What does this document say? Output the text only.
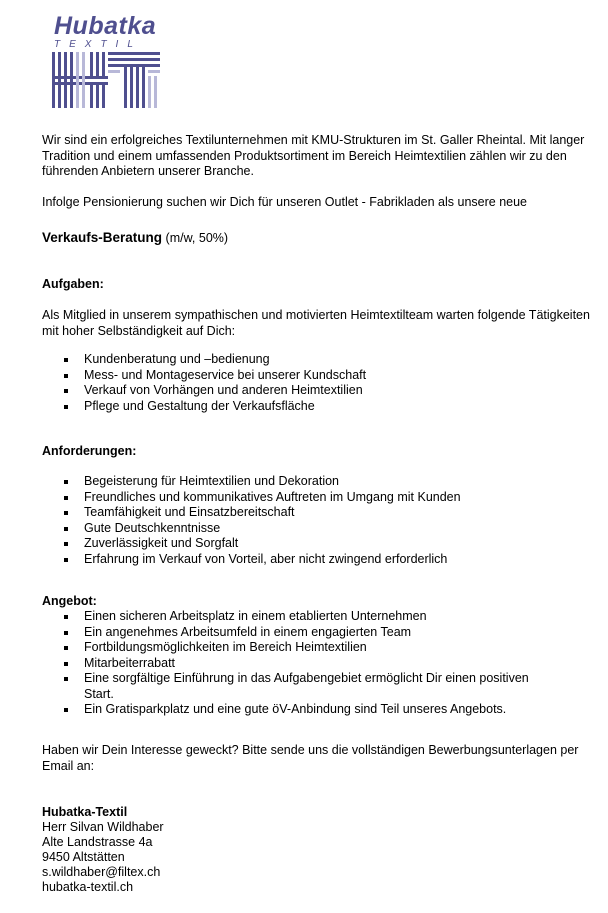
Hubatka
TEXTIL

Wir sind ein erfolgreiches Textilunternehmen mit KMU-Strukturen im St. Galler Rheintal. Mit langer Tradition und einem umfassenden Produktsortiment im Bereich Heimtextilien zählen wir zu den führenden Anbietern unserer Branche.

Infolge Pensionierung suchen wir Dich für unseren Outlet - Fabrikladen als unsere neue

Verkaufs-Beratung (m/w, 50%)

Aufgaben:

Als Mitglied in unserem sympathischen und motivierten Heimtextilteam warten folgende Tätigkeiten mit hoher Selbständigkeit auf Dich:

Kundenberatung und –bedienung
Mess- und Montageservice bei unserer Kundschaft
Verkauf von Vorhängen und anderen Heimtextilien
Pflege und Gestaltung der Verkaufsfläche

Anforderungen:

Begeisterung für Heimtextilien und Dekoration
Freundliches und kommunikatives Auftreten im Umgang mit Kunden
Teamfähigkeit und Einsatzbereitschaft
Gute Deutschkenntnisse
Zuverlässigkeit und Sorgfalt
Erfahrung im Verkauf von Vorteil, aber nicht zwingend erforderlich

Angebot:

Einen sicheren Arbeitsplatz in einem etablierten Unternehmen
Ein angenehmes Arbeitsumfeld in einem engagierten Team
Fortbildungsmöglichkeiten im Bereich Heimtextilien
Mitarbeiterrabatt
Eine sorgfältige Einführung in das Aufgabengebiet ermöglicht Dir einen positiven Start.
Ein Gratisparkplatz und eine gute öV-Anbindung sind Teil unseres Angebots.

Haben wir Dein Interesse geweckt? Bitte sende uns die vollständigen Bewerbungsunterlagen per Email an:

Hubatka-Textil
Herr Silvan Wildhaber
Alte Landstrasse 4a
9450 Altstätten
s.wildhaber@filtex.ch
hubatka-textil.ch
